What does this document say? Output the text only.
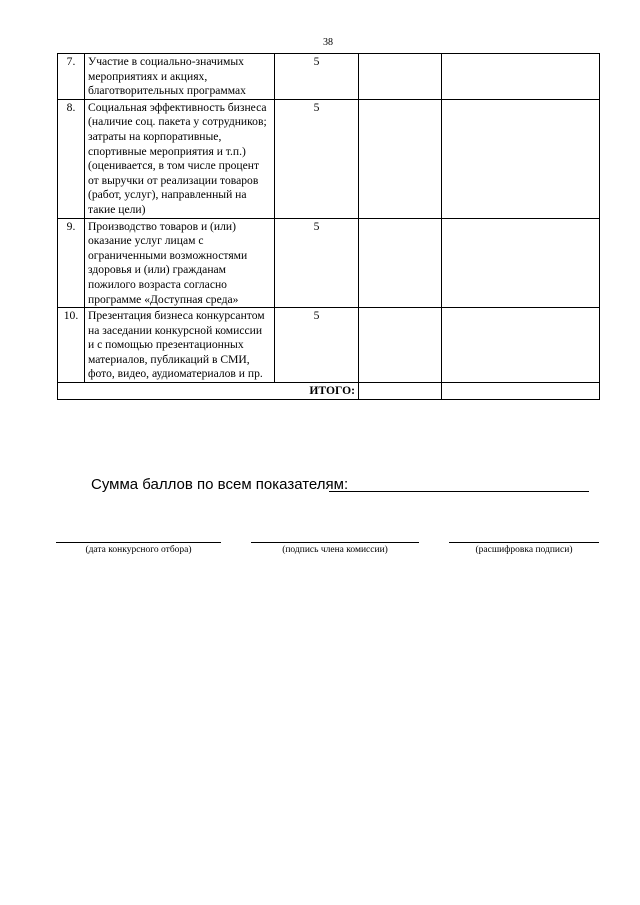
38
7.	Участие в социально-значимых мероприятиях и акциях, благотворительных программах	5		
8.	Социальная эффективность бизнеса (наличие соц. пакета у сотрудников; затраты на корпоративные, спортивные мероприятия и т.п.) (оценивается, в том числе процент от выручки от реализации товаров (работ, услуг), направленный на такие цели)	5		
9.	Производство товаров и (или) оказание услуг лицам с ограниченными возможностями здоровья и (или) гражданам пожилого возраста согласно программе «Доступная среда»	5		
10.	Презентация бизнеса конкурсантом на заседании конкурсной комиссии и с помощью презентационных материалов, публикаций в СМИ, фото, видео, аудиоматериалов и пр.	5		
ИТОГО:				
Сумма баллов по всем показателям:
(дата конкурсного отбора)	(подпись члена комиссии)	(расшифровка подписи)
